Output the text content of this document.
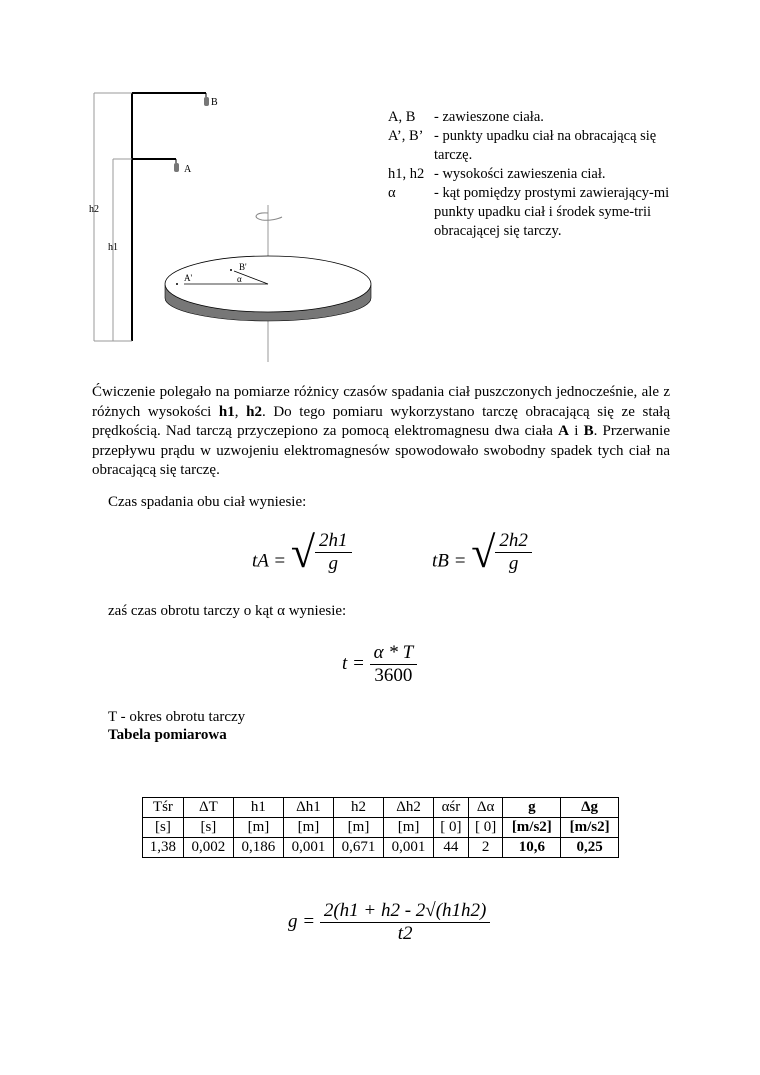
B
A
h2
h1
A'
B'
α
A, B	- zawieszone ciała.
A’, B’ - punkty upadku ciał na obracającą się tarczę.
h1, h2 - wysokości zawieszenia ciał.
α	- kąt pomiędzy prostymi zawierający-mi punkty upadku ciał i środek syme-trii obracającej się tarczy.
Ćwiczenie polegało na pomiarze różnicy czasów spadania ciał puszczonych jednocześnie, ale z różnych wysokości h1, h2. Do tego pomiaru wykorzystano tarczę obracającą się ze stałą prędkością. Nad tarczą przyczepiono za pomocą elektromagnesu dwa ciała A i B. Przerwanie przepływu prądu w uzwojeniu elektromagnesów spowodowało swobodny spadek tych ciał na obracającą się tarczę.
Czas spadania obu ciał wyniesie:
tA = √ $\frac{2h1}{g}$	tB = √ $\frac{2h2}{g}$
zaś czas obrotu tarczy o kąt α wyniesie:
$t = \frac{\alpha * T}{3600}$
T - okres obrotu tarczy
Tabela pomiarowa
Tśr	ΔT	h1	Δh1	h2	Δh2	αśr	Δα	g	Δg
[s]	[s]	[m]	[m]	[m]	[m]	[ 0]	[ 0]	[m/s2]	[m/s2]
1,38	0,002	0,186	0,001	0,671	0,001	44	2	10,6	0,25
$g = \frac{2(h1 + h2 - 2√(h1h2)}{t2}$
